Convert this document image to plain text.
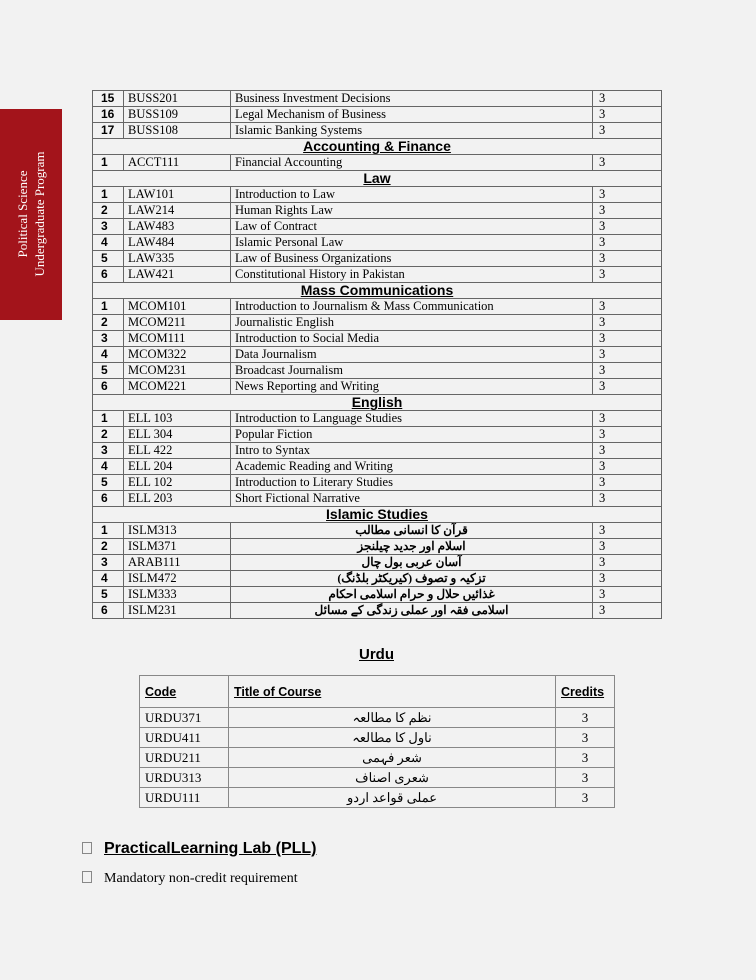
Political Science Undergraduate Program
15	BUSS201	Business Investment Decisions	3
16	BUSS109	Legal Mechanism of Business	3
17	BUSS108	Islamic Banking Systems	3
Accounting & Finance			
1	ACCT111	Financial Accounting	3
Law			
1	LAW101	Introduction to Law	3
2	LAW214	Human Rights Law	3
3	LAW483	Law of Contract	3
4	LAW484	Islamic Personal Law	3
5	LAW335	Law of Business Organizations	3
6	LAW421	Constitutional History in Pakistan	3
Mass Communications			
1	MCOM101	Introduction to Journalism & Mass Communication	3
2	MCOM211	Journalistic English	3
3	MCOM111	Introduction to Social Media	3
4	MCOM322	Data Journalism	3
5	MCOM231	Broadcast Journalism	3
6	MCOM221	News Reporting and Writing	3
English			
1	ELL 103	Introduction to Language Studies	3
2	ELL 304	Popular Fiction	3
3	ELL 422	Intro to Syntax	3
4	ELL 204	Academic Reading and Writing	3
5	ELL 102	Introduction to Literary Studies	3
6	ELL 203	Short Fictional Narrative	3
Islamic Studies			
1	ISLM313	قرآن کا انسانی مطالب	3
2	ISLM371	اسلام اور جدید چیلنجز	3
3	ARAB111	آسان عربی بول چال	3
4	ISLM472	تزکیہ و تصوف (کیریکٹر بلڈنگ)	3
5	ISLM333	غذائیں حلال و حرام اسلامی احکام	3
6	ISLM231	اسلامی فقہ اور عملی زندگی کے مسائل	3
Urdu
Code	Title of Course	Credits
URDU371	نظم کا مطالعہ	3
URDU411	ناول کا مطالعہ	3
URDU211	شعر فہمی	3
URDU313	شعری اصناف	3
URDU111	عملی قواعد اردو	3
PracticalLearning Lab (PLL)
Mandatory non-credit requirement
